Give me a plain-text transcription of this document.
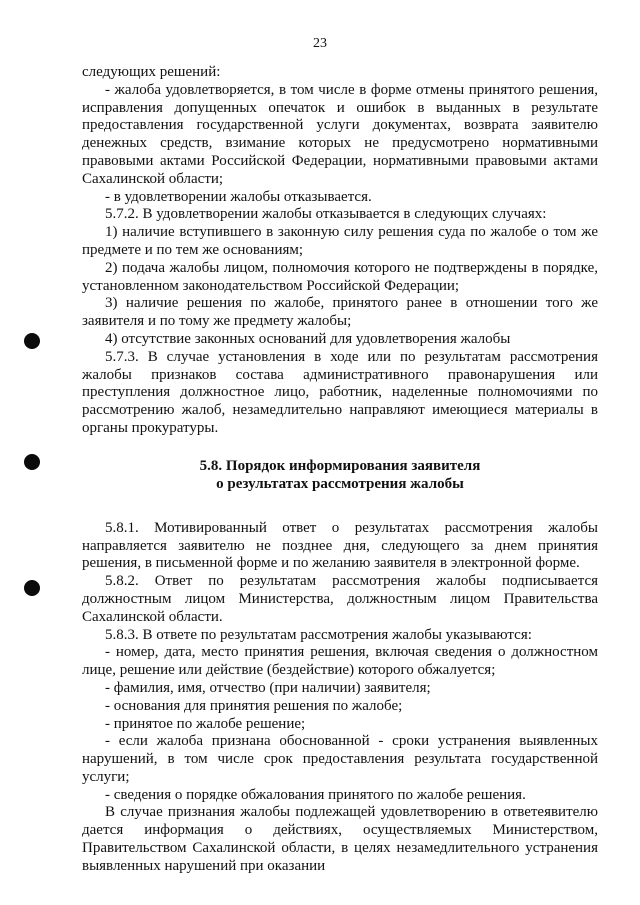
23

следующих решений:

- жалоба удовлетворяется, в том числе в форме отмены принятого решения, исправления допущенных опечаток и ошибок в выданных в результате предоставления государственной услуги документах, возврата заявителю денежных средств, взимание которых не предусмотрено нормативными правовыми актами Российской Федерации, нормативными правовыми актами Сахалинской области;

- в удовлетворении жалобы отказывается.

5.7.2. В удовлетворении жалобы отказывается в следующих случаях:

1) наличие вступившего в законную силу решения суда по жалобе о том же предмете и по тем же основаниям;

2) подача жалобы лицом, полномочия которого не подтверждены в порядке, установленном законодательством Российской Федерации;

3) наличие решения по жалобе, принятого ранее в отношении того же заявителя и по тому же предмету жалобы;

4) отсутствие законных оснований для удовлетворения жалобы

5.7.3. В случае установления в ходе или по результатам рассмотрения жалобы признаков состава административного правонарушения или преступления должностное лицо, работник, наделенные полномочиями по рассмотрению жалоб, незамедлительно направляют имеющиеся материалы в органы прокуратуры.

5.8. Порядок информирования заявителя
о результатах рассмотрения жалобы

5.8.1. Мотивированный ответ о результатах рассмотрения жалобы направляется заявителю не позднее дня, следующего за днем принятия решения, в письменной форме и по желанию заявителя в электронной форме.

5.8.2. Ответ по результатам рассмотрения жалобы подписывается должностным лицом Министерства, должностным лицом Правительства Сахалинской области.

5.8.3. В ответе по результатам рассмотрения жалобы указываются:

- номер, дата, место принятия решения, включая сведения о должностном лице, решение или действие (бездействие) которого обжалуется;

- фамилия, имя, отчество (при наличии) заявителя;

- основания для принятия решения по жалобе;

- принятое по жалобе решение;

- если жалоба признана обоснованной - сроки устранения выявленных нарушений, в том числе срок предоставления результата государственной услуги;

- сведения о порядке обжалования принятого по жалобе решения.

В случае признания жалобы подлежащей удовлетворению в ответеявителю дается информация о действиях, осуществляемых Министерством, Правительством Сахалинской области, в целях незамедлительного устранения выявленных нарушений при оказании
